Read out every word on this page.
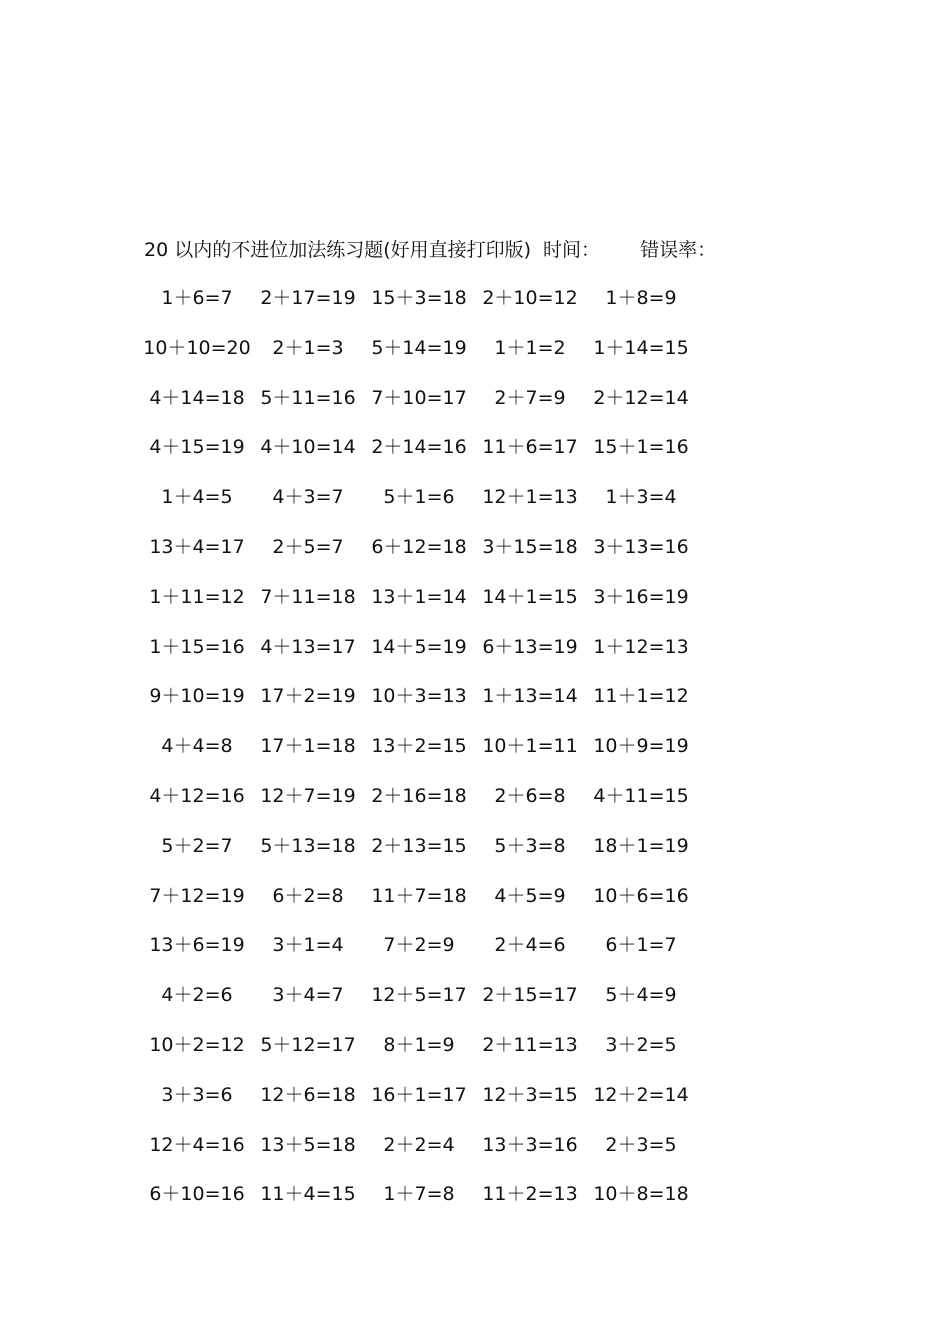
20 以内的不进位加法练习题(好用直接打印版) 时间： 错误率：
1＋6=7	2＋17=19 15＋3=18 2＋10=12	1＋8=9
10＋10=20	2＋1=3	5＋14=19	1＋1=2	1＋14=15
4＋14=18 5＋11=16 7＋10=17	2＋7=9	2＋12=14
4＋15=19 4＋10=14 2＋14=16 11＋6=17 15＋1=16
1＋4=5	4＋3=7	5＋1=6	12＋1=13	1＋3=4
13＋4=17	2＋5=7	6＋12=18 3＋15=18 3＋13=16
1＋11=12 7＋11=18 13＋1=14 14＋1=15 3＋16=19
1＋15=16 4＋13=17 14＋5=19 6＋13=19 1＋12=13
9＋10=19 17＋2=19 10＋3=13 1＋13=14 11＋1=12
4＋4=8	17＋1=18 13＋2=15 10＋1=11 10＋9=19
4＋12=16 12＋7=19 2＋16=18	2＋6=8	4＋11=15
5＋2=7	5＋13=18 2＋13=15	5＋3=8	18＋1=19
7＋12=19	6＋2=8	11＋7=18	4＋5=9	10＋6=16
13＋6=19	3＋1=4	7＋2=9	2＋4=6	6＋1=7
4＋2=6	3＋4=7	12＋5=17 2＋15=17	5＋4=9
10＋2=12 5＋12=17	8＋1=9	2＋11=13	3＋2=5
3＋3=6	12＋6=18 16＋1=17 12＋3=15 12＋2=14
12＋4=16 13＋5=18	2＋2=4	13＋3=16	2＋3=5
6＋10=16 11＋4=15	1＋7=8	11＋2=13 10＋8=18
